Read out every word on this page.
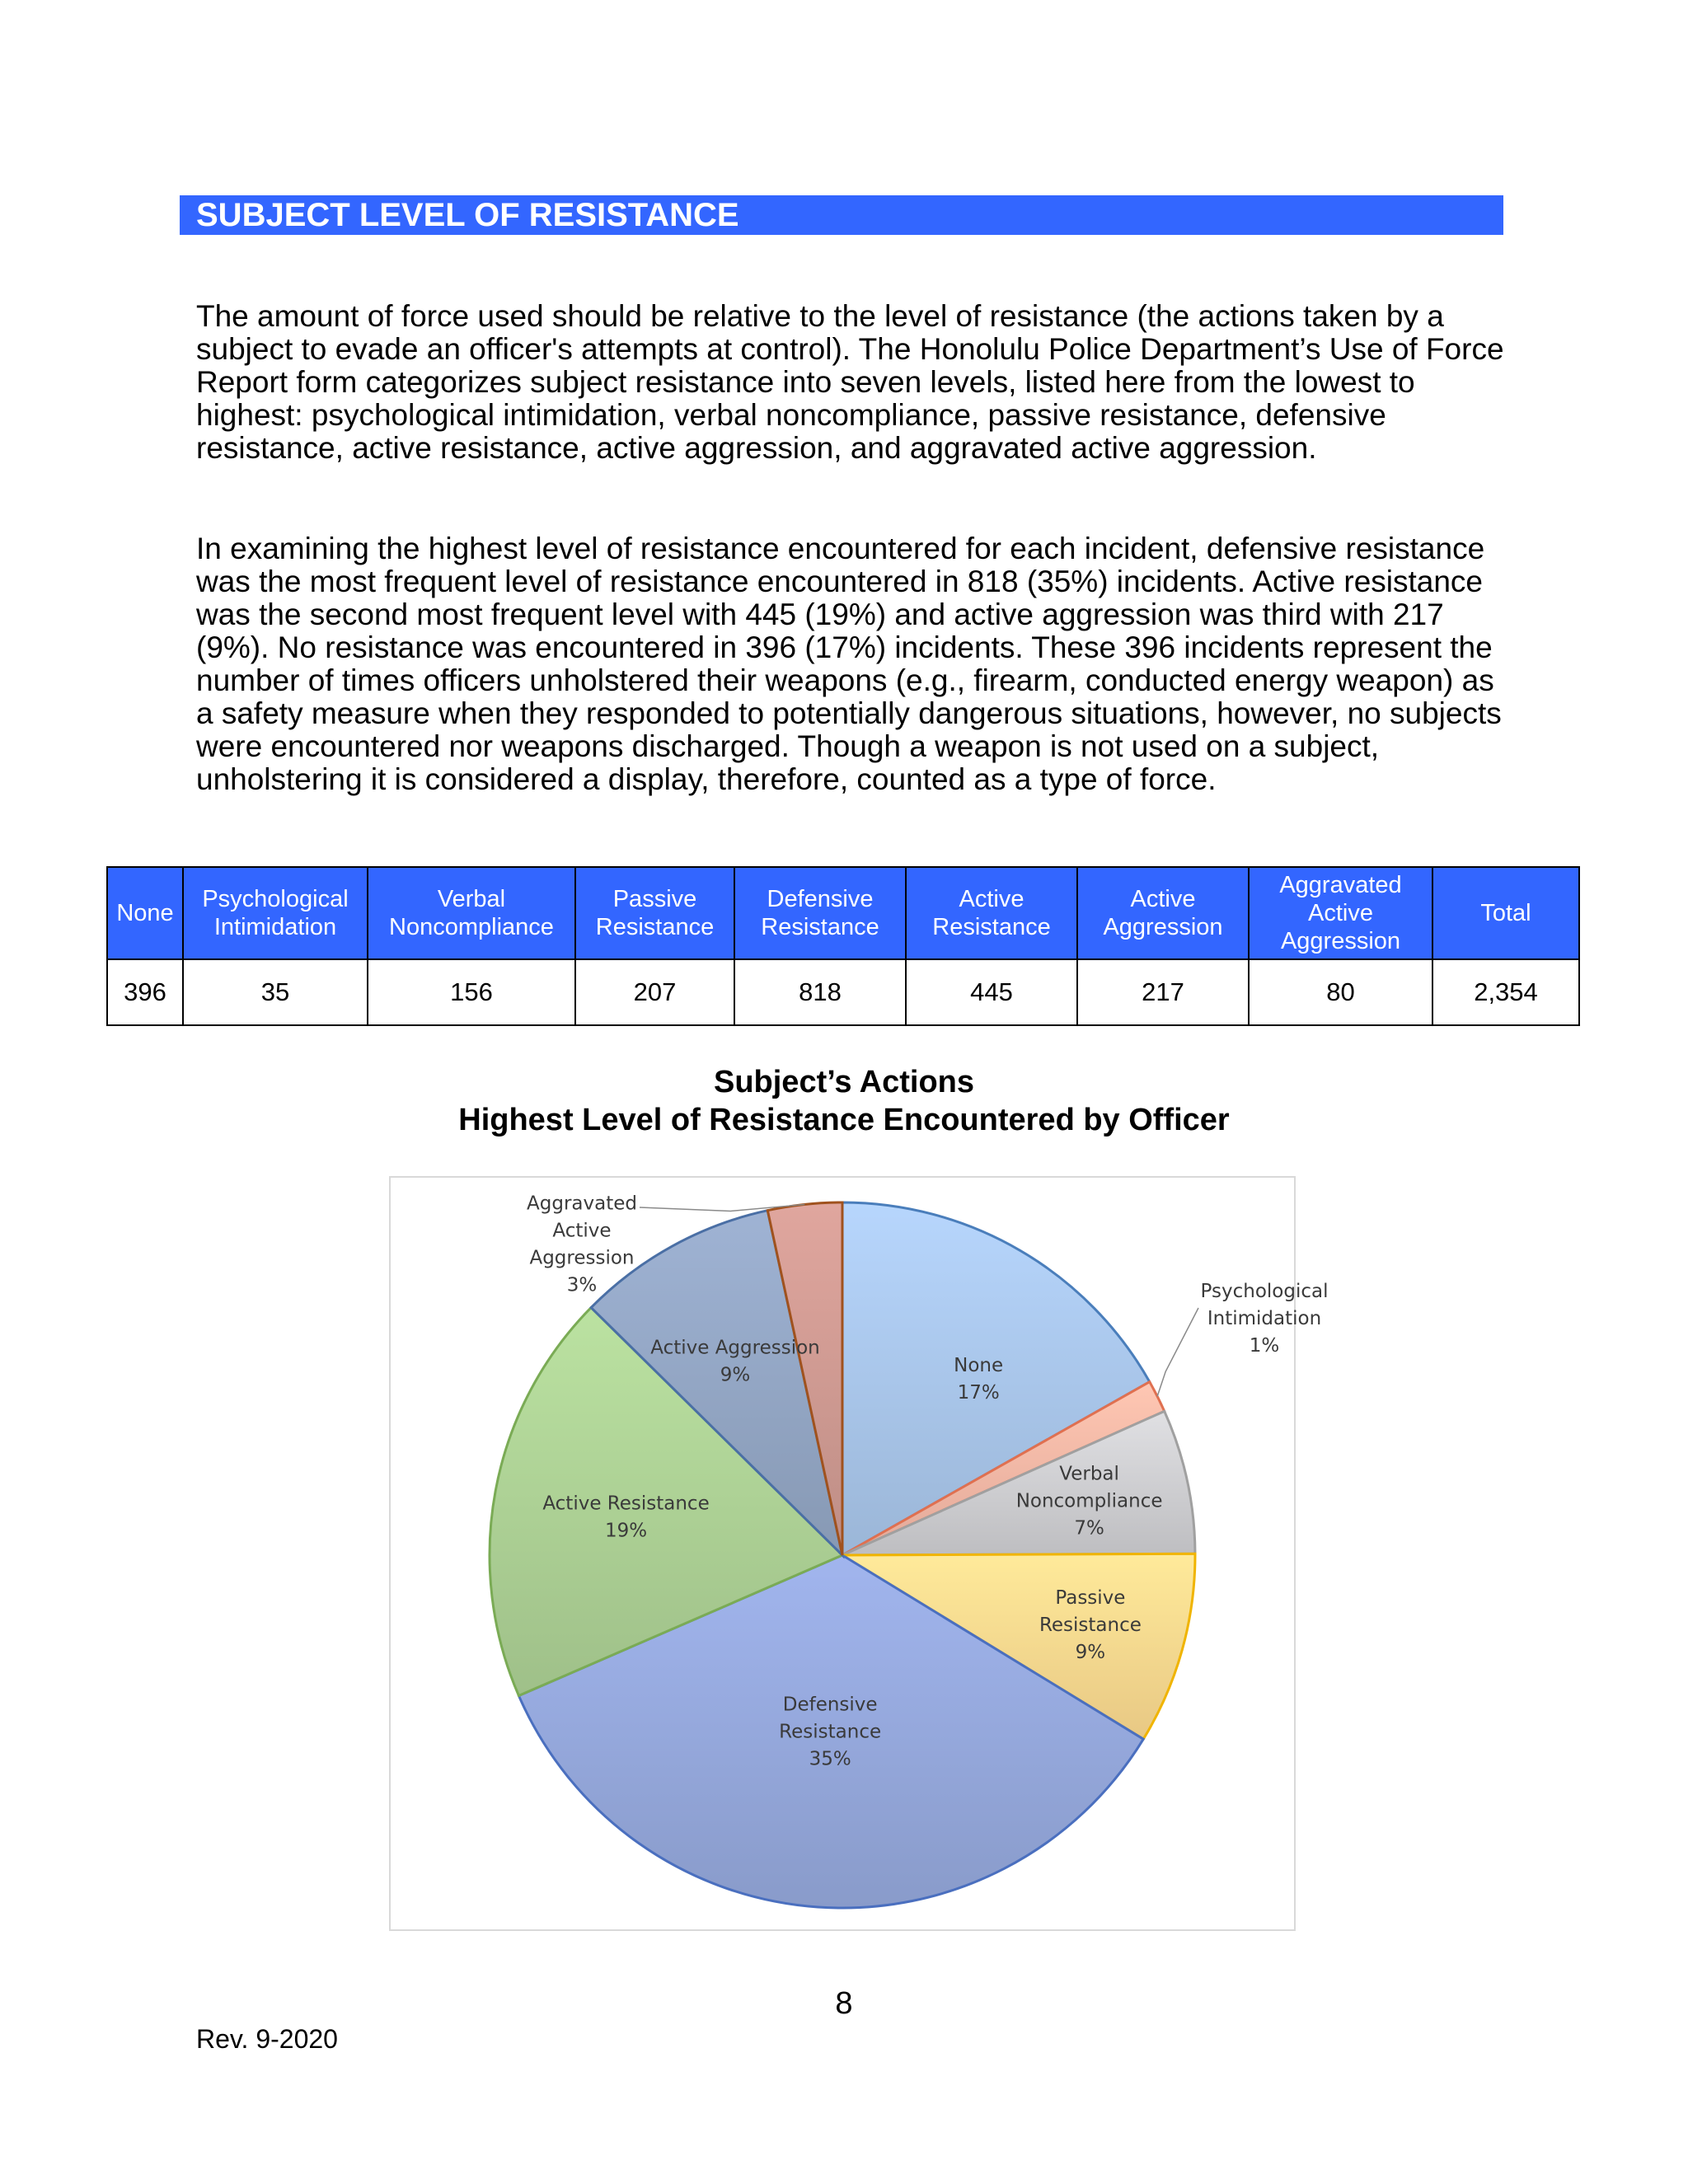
SUBJECT LEVEL OF RESISTANCE

The amount of force used should be relative to the level of resistance (the actions taken by a subject to evade an officer's attempts at control). The Honolulu Police Department’s Use of Force Report form categorizes subject resistance into seven levels, listed here from the lowest to highest: psychological intimidation, verbal noncompliance, passive resistance, defensive resistance, active resistance, active aggression, and aggravated active aggression.

In examining the highest level of resistance encountered for each incident, defensive resistance was the most frequent level of resistance encountered in 818 (35%) incidents. Active resistance was the second most frequent level with 445 (19%) and active aggression was third with 217 (9%). No resistance was encountered in 396 (17%) incidents. These 396 incidents represent the number of times officers unholstered their weapons (e.g., firearm, conducted energy weapon) as a safety measure when they responded to potentially dangerous situations, however, no subjects were encountered nor weapons discharged. Though a weapon is not used on a subject, unholstering it is considered a display, therefore, counted as a type of force.

None	Psychological Intimidation	Verbal Noncompliance	Passive Resistance	Defensive Resistance	Active Resistance	Active Aggression	Aggravated Active Aggression	Total
396	35	156	207	818	445	217	80	2,354
Subject’s Actions
Highest Level of Resistance Encountered by Officer
None 17%
Psychological Intimidation 1%
Verbal Noncompliance 7%
Passive Resistance 9%
Defensive Resistance 35%
Active Resistance 19%
Active Aggression 9%
Aggravated Active Aggression 3%
8
Rev. 9-2020
